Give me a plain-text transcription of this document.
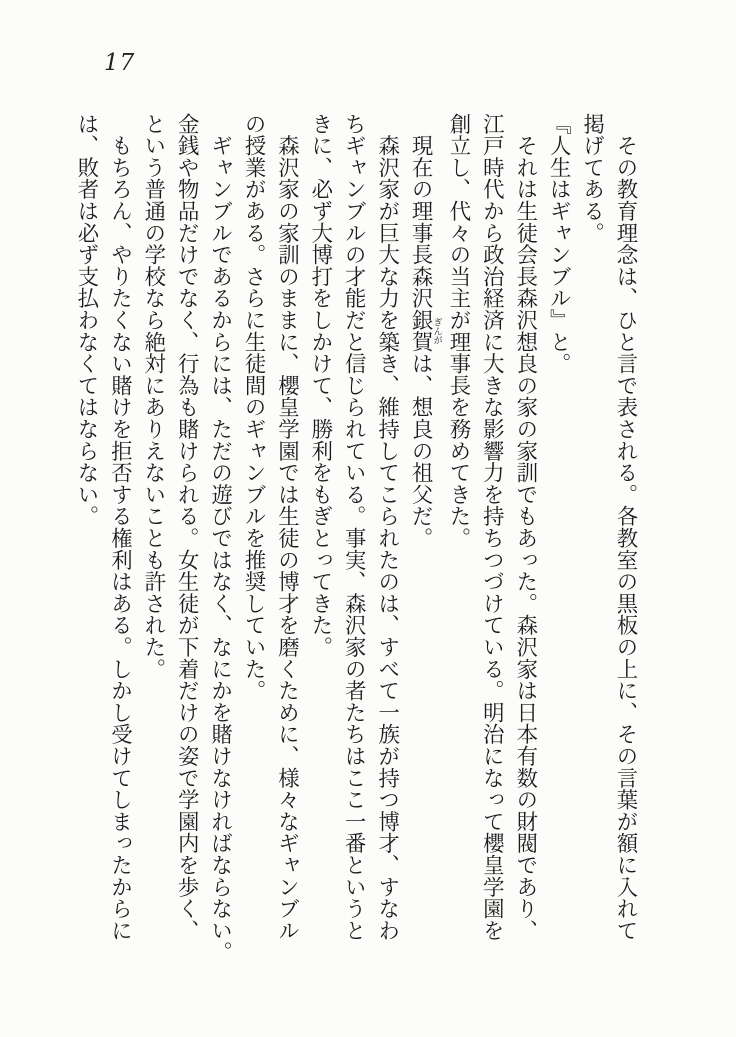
17

　その教育理念は、ひと言で表される。各教室の黒板の上に、その言葉が額に入れて

掲げてある。

『人生はギャンブル』と。

　それは生徒会長森沢想良の家の家訓でもあった。森沢家は日本有数の財閥であり、

江戸時代から政治経済に大きな影響力を持ちつづけている。明治になって櫻皇学園を

創立し、代々の当主が理事長を務めてきた。

　現在の理事長森沢銀賀ぎんがは、想良の祖父だ。

　森沢家が巨大な力を築き、維持してこられたのは、すべて一族が持つ博才、すなわ

ちギャンブルの才能だと信じられている。事実、森沢家の者たちはここ一番というと

きに、必ず大博打をしかけて、勝利をもぎとってきた。

　森沢家の家訓のままに、櫻皇学園では生徒の博才を磨くために、様々なギャンブル

の授業がある。さらに生徒間のギャンブルを推奨していた。

　ギャンブルであるからには、ただの遊びではなく、なにかを賭けなければならない。

金銭や物品だけでなく、行為も賭けられる。女生徒が下着だけの姿で学園内を歩く、

という普通の学校なら絶対にありえないことも許された。

　もちろん、やりたくない賭けを拒否する権利はある。しかし受けてしまったからに

は、敗者は必ず支払わなくてはならない。
